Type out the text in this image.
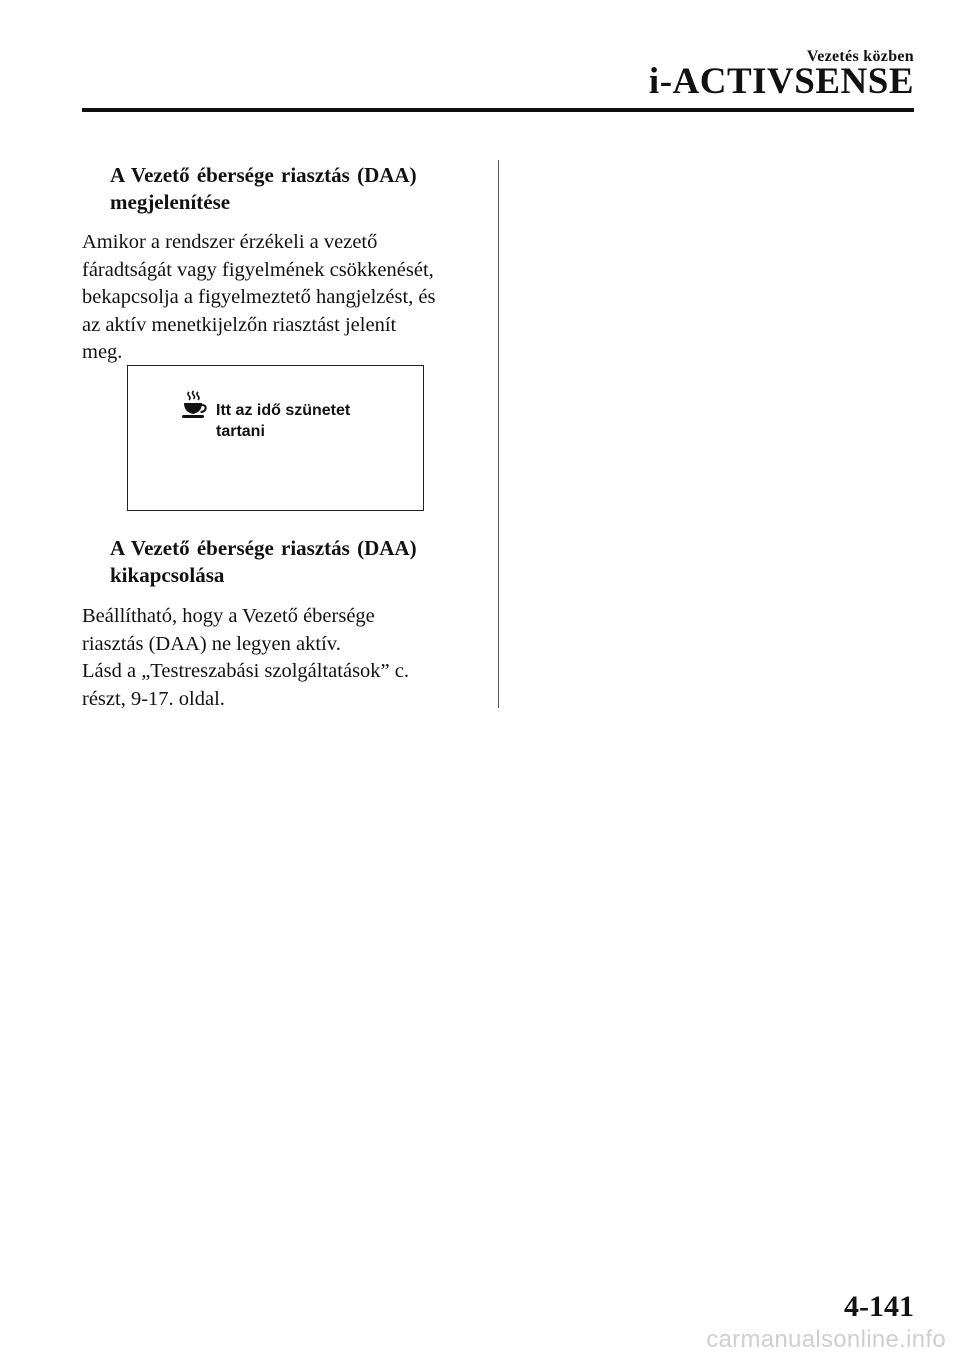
Vezetés közben
i-ACTIVSENSE
A Vezető ébersége riasztás (DAA)
megjelenítése

Amikor a rendszer érzékeli a vezető

fáradtságát vagy figyelmének csökkenését,

bekapcsolja a figyelmeztető hangjelzést, és

az aktív menetkijelzőn riasztást jelenít

meg.

Itt az idő szünetet
tartani
A Vezető ébersége riasztás (DAA)
kikapcsolása

Beállítható, hogy a Vezető ébersége

riasztás (DAA) ne legyen aktív.

Lásd a „Testreszabási szolgáltatások” c.

részt, 9-17. oldal.

4-141
carmanualsonline.info
